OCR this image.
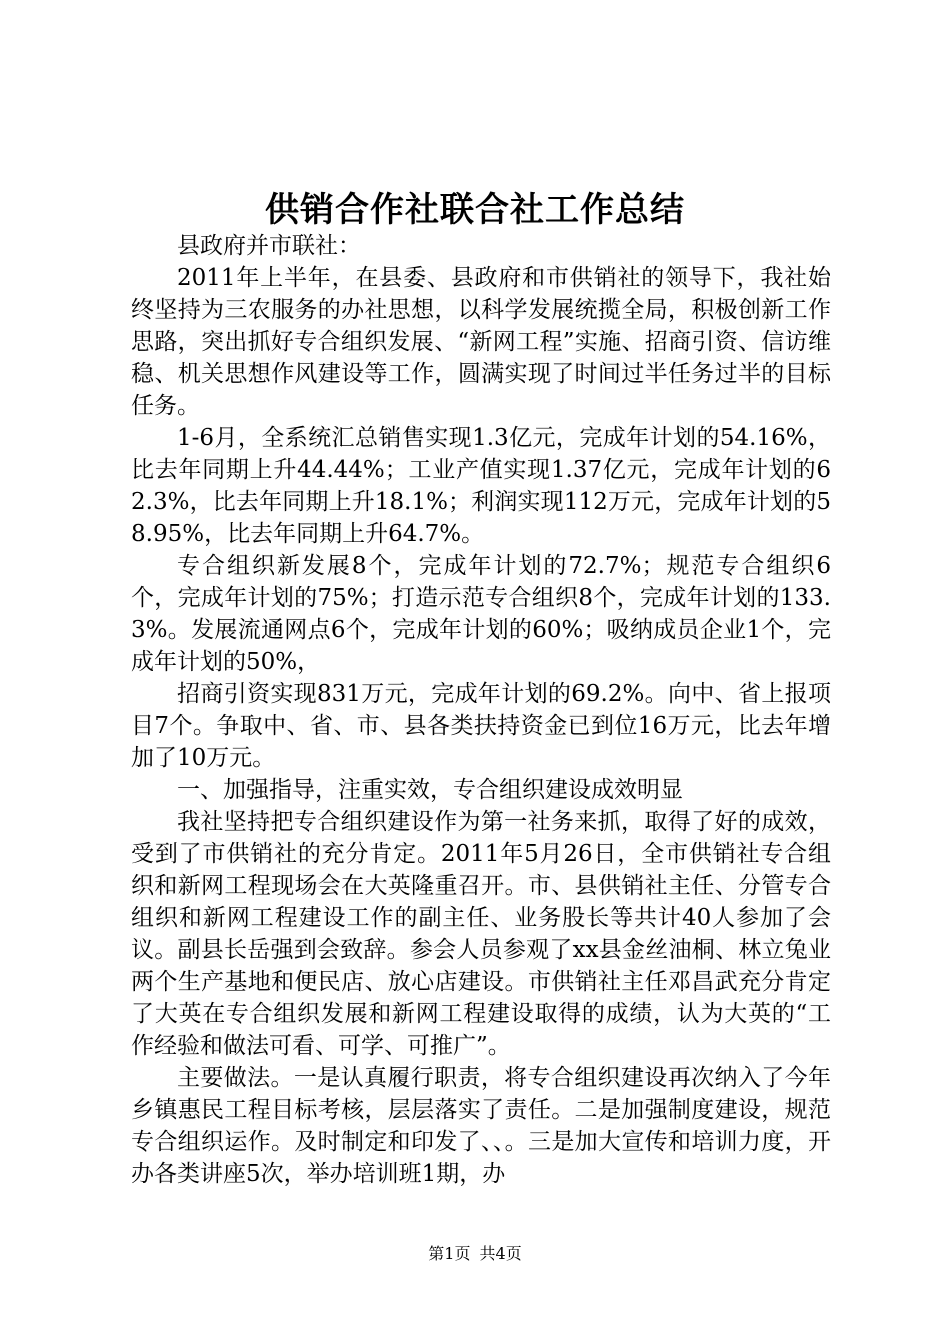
供销合作社联合社工作总结

县政府并市联社：

2011年上半年，在县委、县政府和市供销社的领导下，我社始终坚持为三农服务的办社思想，以科学发展统揽全局，积极创新工作思路，突出抓好专合组织发展、“新网工程”实施、招商引资、信访维稳、机关思想作风建设等工作，圆满实现了时间过半任务过半的目标任务。

1-6月，全系统汇总销售实现1.3亿元，完成年计划的54.16%，比去年同期上升44.44%；工业产值实现1.37亿元，完成年计划的62.3%，比去年同期上升18.1%；利润实现112万元，完成年计划的58.95%，比去年同期上升64.7%。

专合组织新发展8个，完成年计划的72.7%；规范专合组织6个，完成年计划的75%；打造示范专合组织8个，完成年计划的133.3%。发展流通网点6个，完成年计划的60%；吸纳成员企业1个，完成年计划的50%，

招商引资实现831万元，完成年计划的69.2%。向中、省上报项目7个。争取中、省、市、县各类扶持资金已到位16万元，比去年增加了10万元。

一、加强指导，注重实效，专合组织建设成效明显

我社坚持把专合组织建设作为第一社务来抓，取得了好的成效，受到了市供销社的充分肯定。2011年5月26日，全市供销社专合组织和新网工程现场会在大英隆重召开。市、县供销社主任、分管专合组织和新网工程建设工作的副主任、业务股长等共计40人参加了会议。副县长岳强到会致辞。参会人员参观了xx县金丝油桐、林立兔业两个生产基地和便民店、放心店建设。市供销社主任邓昌武充分肯定了大英在专合组织发展和新网工程建设取得的成绩，认为大英的“工作经验和做法可看、可学、可推广”。

主要做法。一是认真履行职责，将专合组织建设再次纳入了今年乡镇惠民工程目标考核，层层落实了责任。二是加强制度建设，规范专合组织运作。及时制定和印发了、、。三是加大宣传和培训力度，开办各类讲座5次，举办培训班1期，办

第1页 共4页
